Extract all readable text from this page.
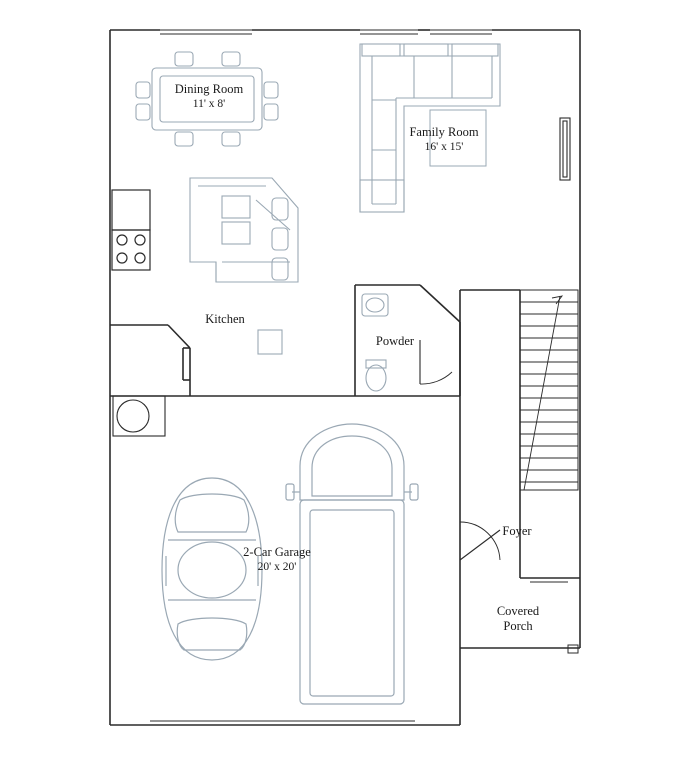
Dining Room
11' x 8'
Family Room
16' x 15'
Kitchen
Powder
2-Car Garage
20' x 20'
Foyer
Covered
Porch
